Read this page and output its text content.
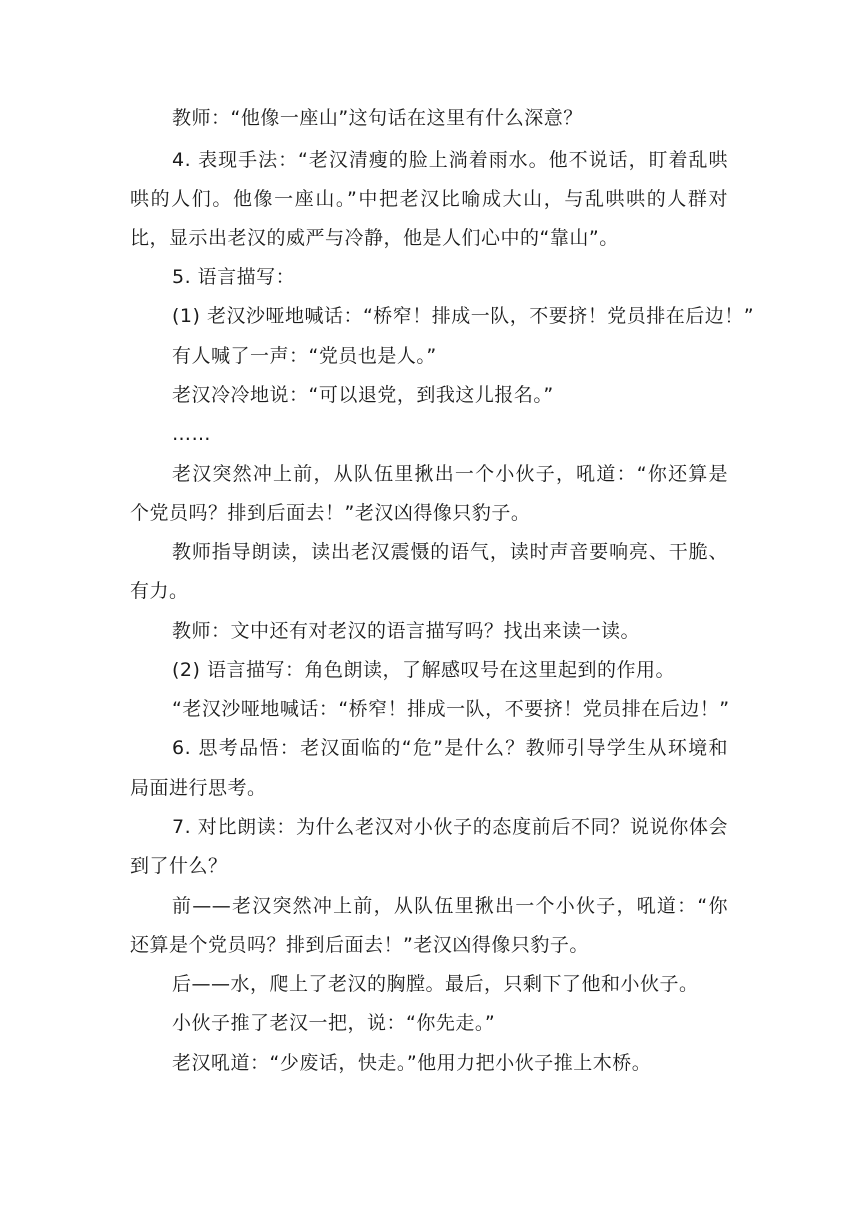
教师：“他像一座山”这句话在这里有什么深意？
4. 表现手法：“老汉清瘦的脸上淌着雨水。他不说话，盯着乱哄
哄的人们。他像一座山。”中把老汉比喻成大山，与乱哄哄的人群对
比，显示出老汉的威严与冷静，他是人们心中的“靠山”。
5. 语言描写：
(1) 老汉沙哑地喊话：“桥窄！排成一队，不要挤！党员排在后边！”
有人喊了一声：“党员也是人。”
老汉冷冷地说：“可以退党，到我这儿报名。”
……
老汉突然冲上前，从队伍里揪出一个小伙子，吼道：“你还算是
个党员吗？排到后面去！”老汉凶得像只豹子。
教师指导朗读，读出老汉震慑的语气，读时声音要响亮、干脆、
有力。
教师：文中还有对老汉的语言描写吗？找出来读一读。
(2) 语言描写：角色朗读，了解感叹号在这里起到的作用。
“老汉沙哑地喊话：“桥窄！排成一队，不要挤！党员排在后边！”
6. 思考品悟：老汉面临的“危”是什么？教师引导学生从环境和
局面进行思考。
7. 对比朗读：为什么老汉对小伙子的态度前后不同？说说你体会
到了什么？
前——老汉突然冲上前，从队伍里揪出一个小伙子，吼道：“你
还算是个党员吗？排到后面去！”老汉凶得像只豹子。
后——水，爬上了老汉的胸膛。最后，只剩下了他和小伙子。
小伙子推了老汉一把，说：“你先走。”
老汉吼道：“少废话，快走。”他用力把小伙子推上木桥。
